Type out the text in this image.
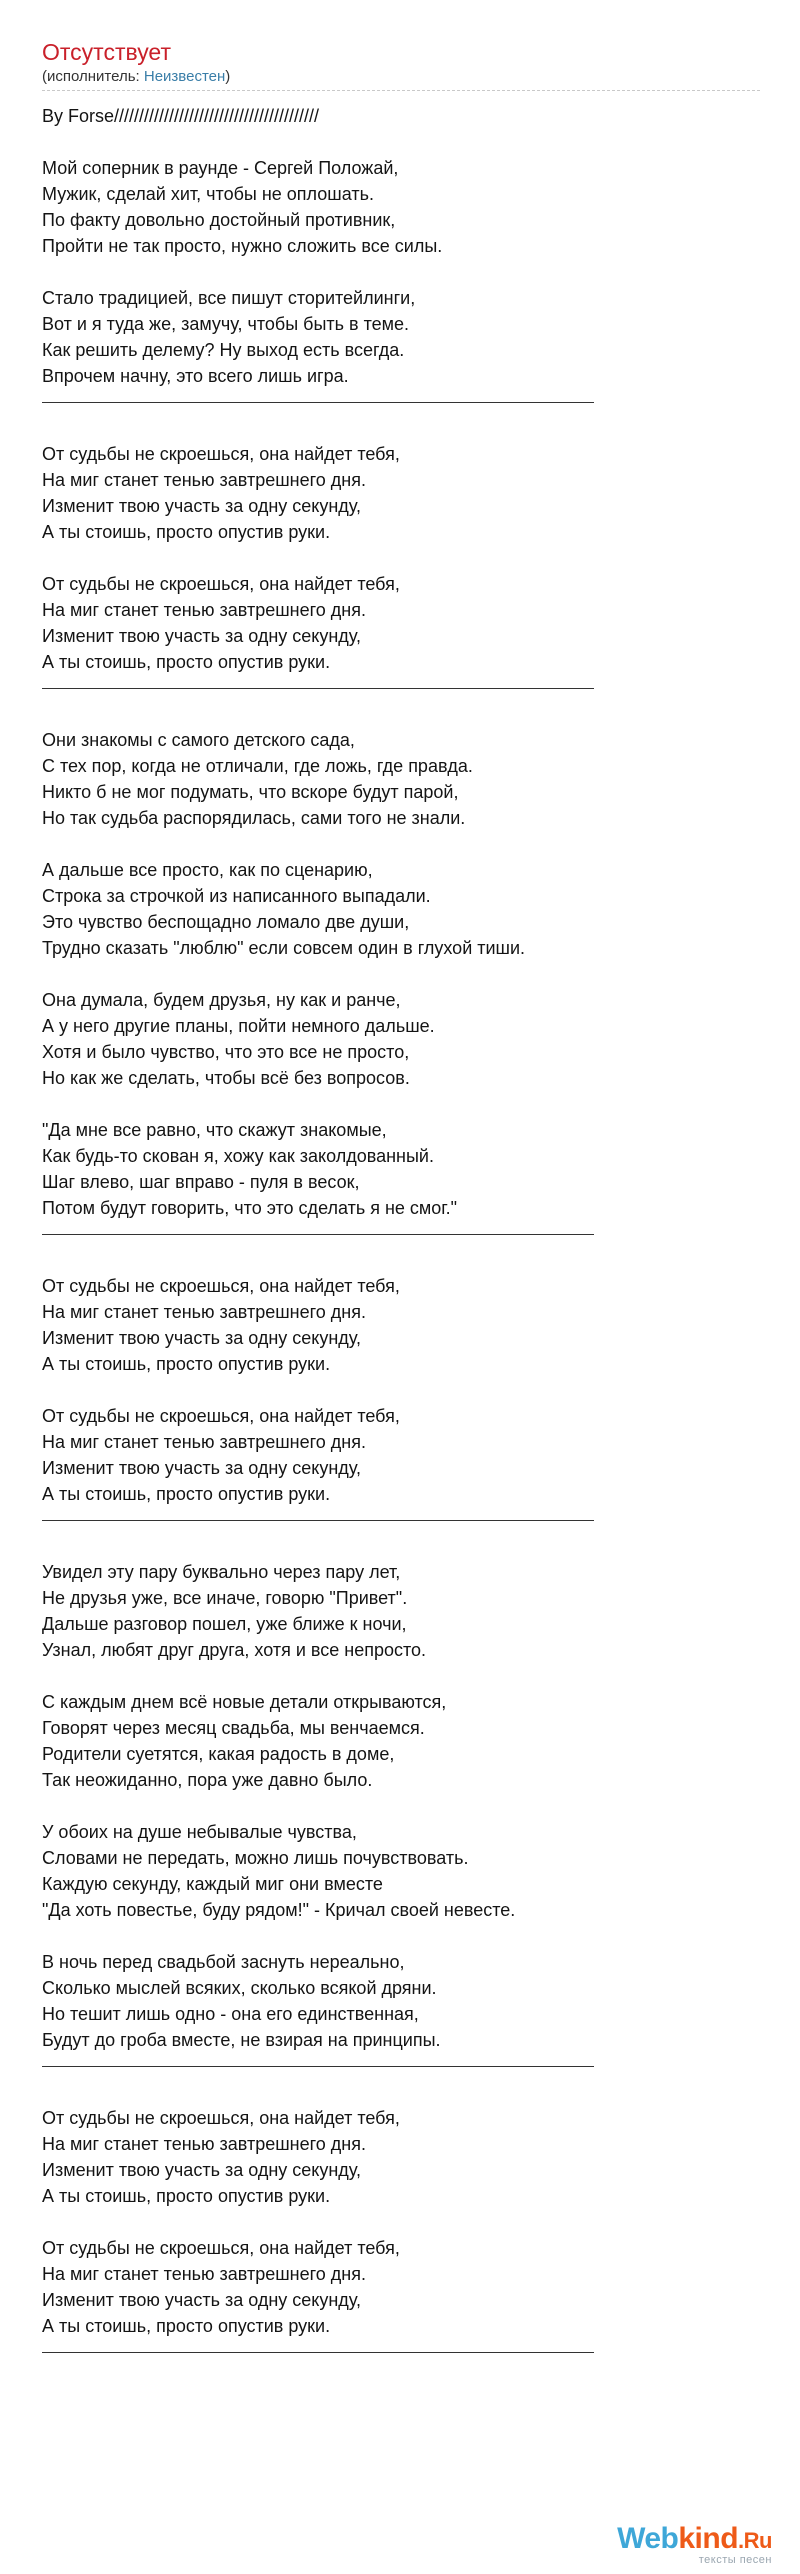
Отсутствует
(исполнитель: Неизвестен)
By Forse/////////////////////////////////////////
Мой соперник в раунде - Сергей Положай,
Мужик, сделай хит, чтобы не оплошать.
По факту довольно достойный противник,
Пройти не так просто, нужно сложить все силы.
Стало традицией, все пишут сторитейлинги,
Вот и я туда же, замучу, чтобы быть в теме.
Как решить делему? Ну выход есть всегда.
Впрочем начну, это всего лишь игра.
От судьбы не скроешься, она найдет тебя,
На миг станет тенью завтрешнего дня.
Изменит твою участь за одну секунду,
А ты стоишь, просто опустив руки.
От судьбы не скроешься, она найдет тебя,
На миг станет тенью завтрешнего дня.
Изменит твою участь за одну секунду,
А ты стоишь, просто опустив руки.
Они знакомы с самого детского сада,
С тех пор, когда не отличали, где ложь, где правда.
Никто б не мог подумать, что вскоре будут парой,
Но так судьба распорядилась, сами того не знали.
А дальше все просто, как по сценарию,
Строка за строчкой из написанного выпадали.
Это чувство беспощадно ломало две души,
Трудно сказать "люблю" если совсем один в глухой тиши.
Она думала, будем друзья, ну как и ранче,
А у него другие планы, пойти немного дальше.
Хотя и было чувство, что это все не просто,
Но как же сделать, чтобы всё без вопросов.
"Да мне все равно, что скажут знакомые,
Как будь-то скован я, хожу как заколдованный.
Шаг влево, шаг вправо - пуля в весок,
Потом будут говорить, что это сделать я не смог."
От судьбы не скроешься, она найдет тебя,
На миг станет тенью завтрешнего дня.
Изменит твою участь за одну секунду,
А ты стоишь, просто опустив руки.
От судьбы не скроешься, она найдет тебя,
На миг станет тенью завтрешнего дня.
Изменит твою участь за одну секунду,
А ты стоишь, просто опустив руки.
Увидел эту пару буквально через пару лет,
Не друзья уже, все иначе, говорю "Привет".
Дальше разговор пошел, уже ближе к ночи,
Узнал, любят друг друга, хотя и все непросто.
С каждым днем всё новые детали открываются,
Говорят через месяц свадьба, мы венчаемся.
Родители суетятся, какая радость в доме,
Так неожиданно, пора уже давно было.
У обоих на душе небывалые чувства,
Словами не передать, можно лишь почувствовать.
Каждую секунду, каждый миг они вместе
"Да хоть повестье, буду рядом!" - Кричал своей невесте.
В ночь перед свадьбой заснуть нереально,
Сколько мыслей всяких, сколько всякой дряни.
Но тешит лишь одно - она его единственная,
Будут до гроба вместе, не взирая на принципы.
От судьбы не скроешься, она найдет тебя,
На миг станет тенью завтрешнего дня.
Изменит твою участь за одну секунду,
А ты стоишь, просто опустив руки.
От судьбы не скроешься, она найдет тебя,
На миг станет тенью завтрешнего дня.
Изменит твою участь за одну секунду,
А ты стоишь, просто опустив руки.
Webkind.Ru
тексты песен
